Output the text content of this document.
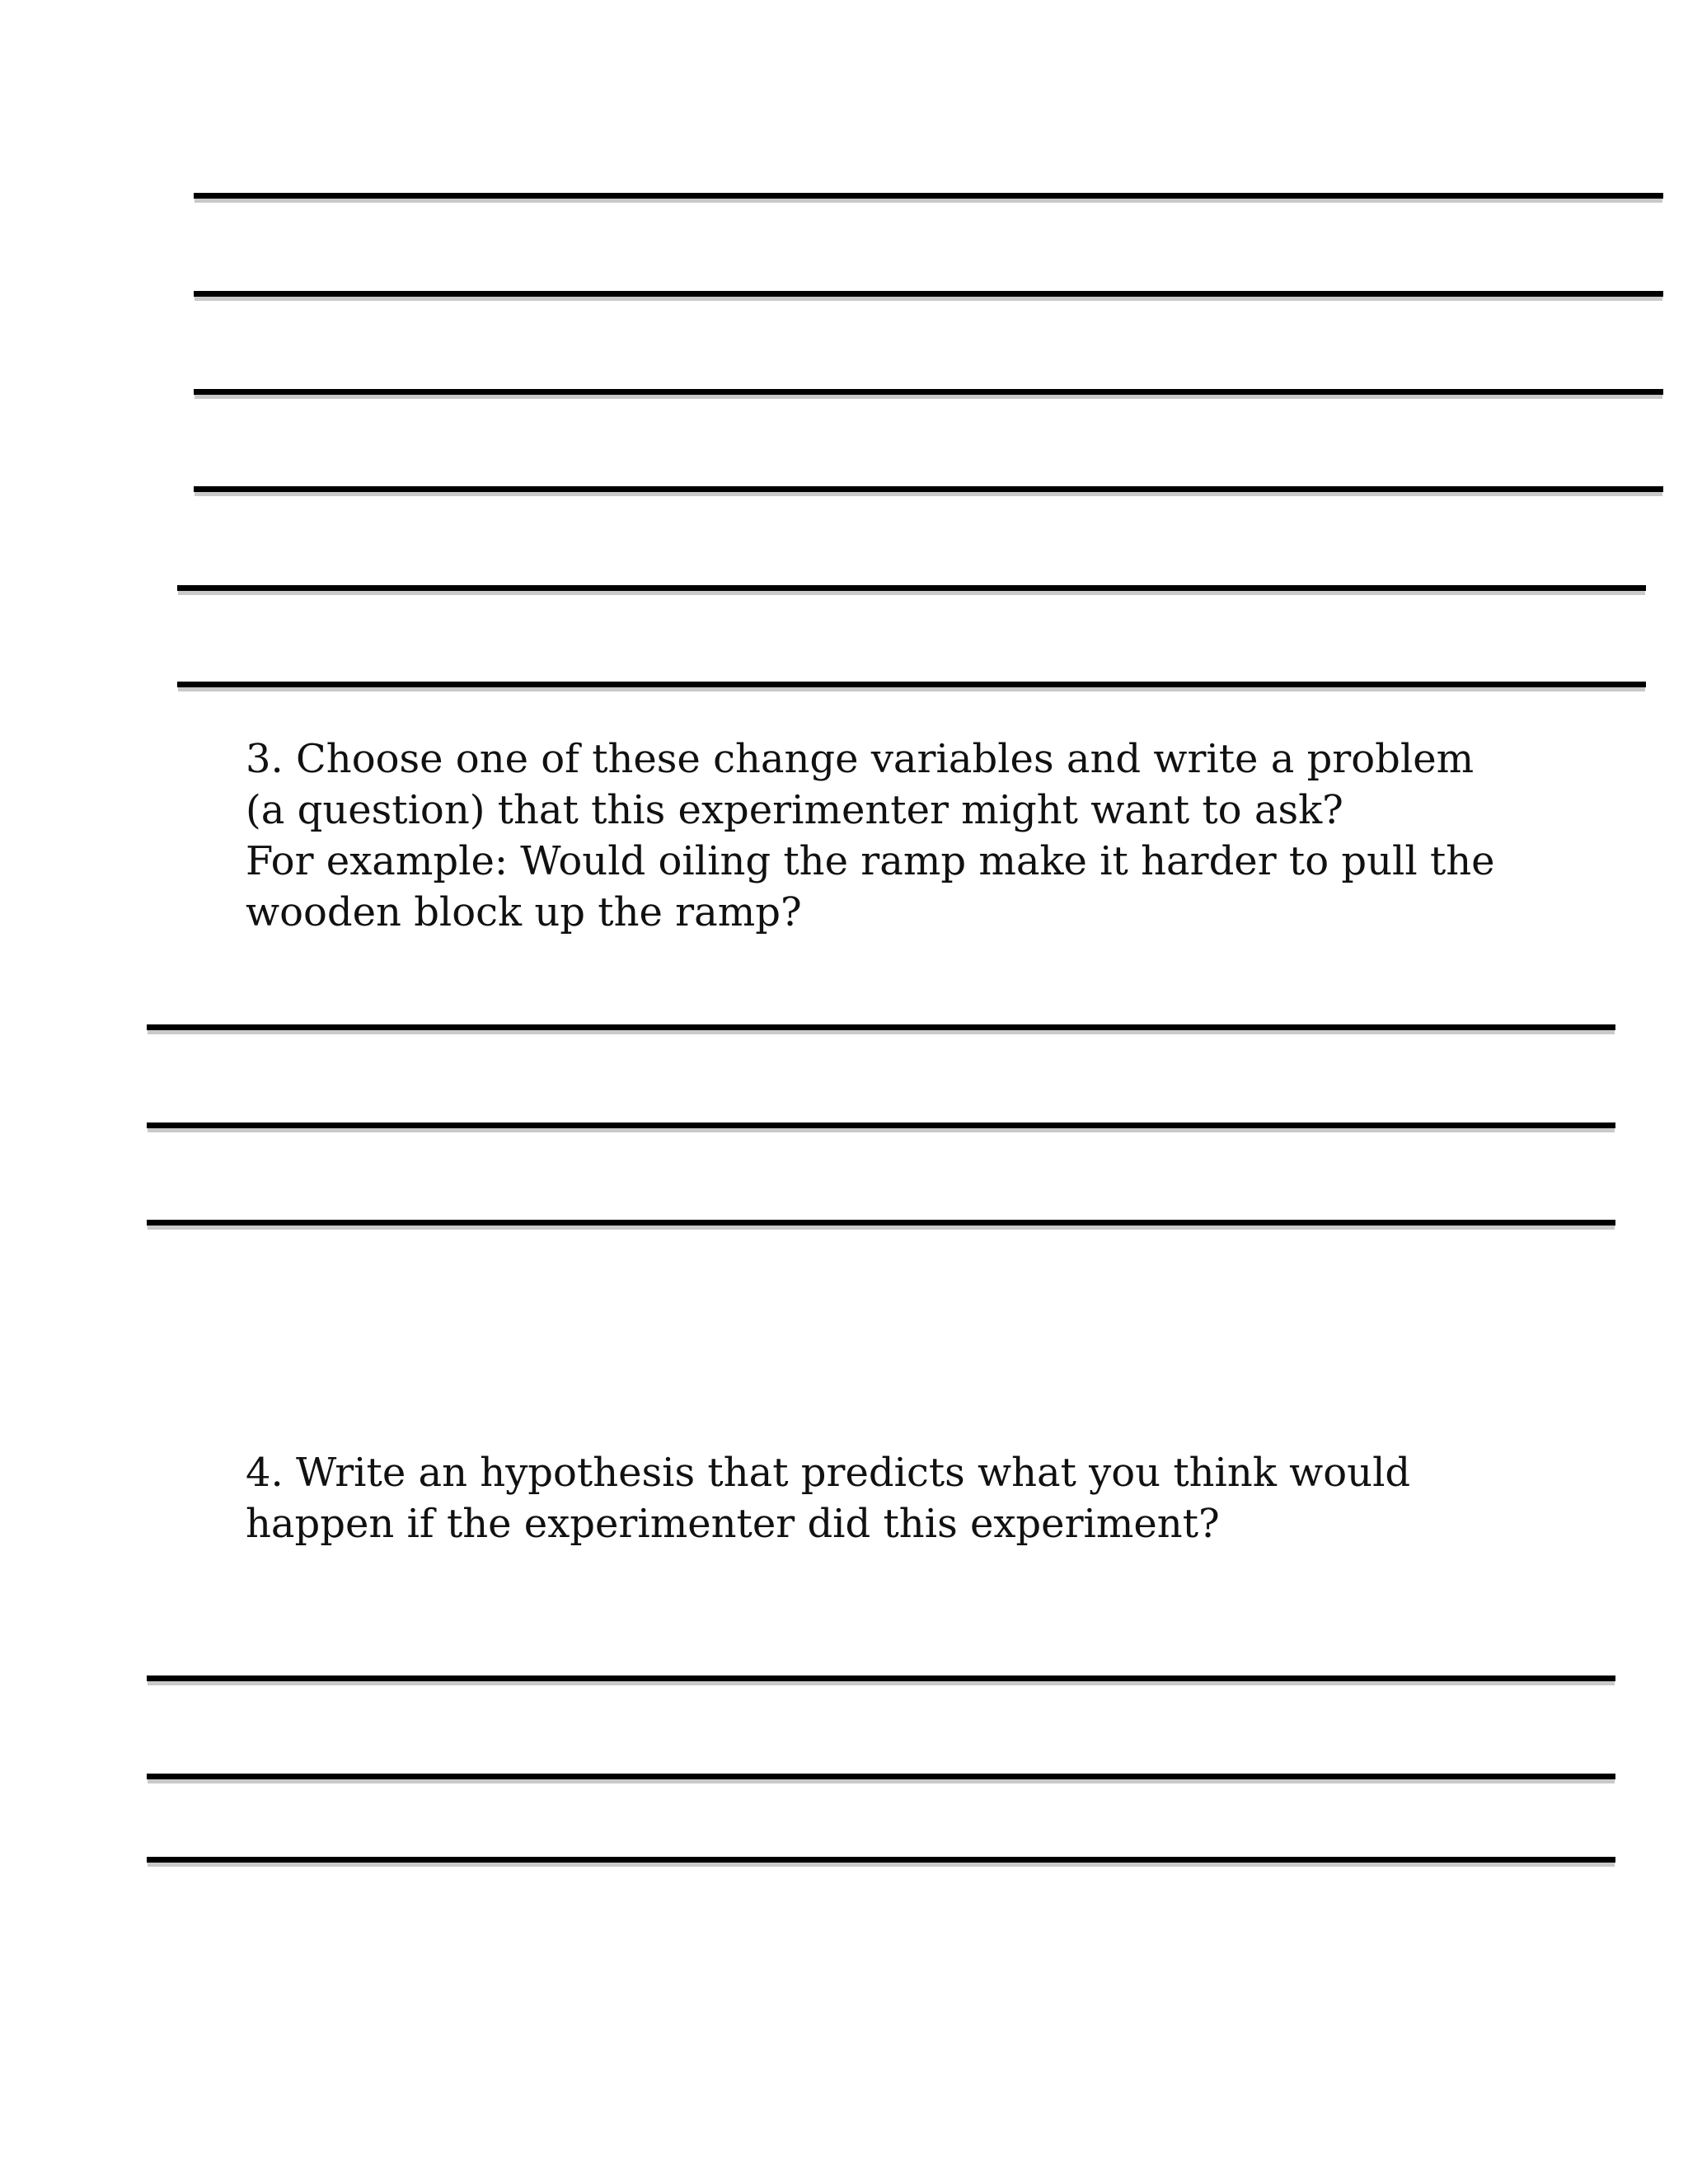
3. Choose one of these change variables and write a problem
(a question) that this experimenter might want to ask?
For example: Would oiling the ramp make it harder to pull the
wooden block up the ramp?

4. Write an hypothesis that predicts what you think would
happen if the experimenter did this experiment?
